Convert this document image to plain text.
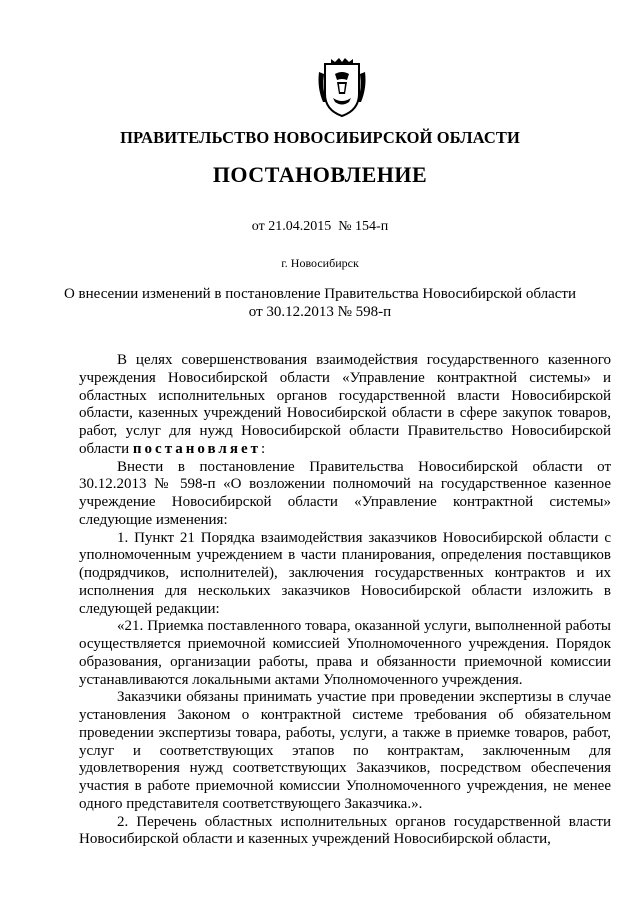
ПРАВИТЕЛЬСТВО НОВОСИБИРСКОЙ ОБЛАСТИ
ПОСТАНОВЛЕНИЕ
от 21.04.2015  № 154-п
г. Новосибирск
О внесении изменений в постановление Правительства Новосибирской области
от 30.12.2013 № 598-п

В целях совершенствования взаимодействия государственного казенного учреждения Новосибирской области «Управление контрактной системы» и областных исполнительных органов государственной власти Новосибирской области, казенных учреждений Новосибирской области в сфере закупок товаров, работ, услуг для нужд Новосибирской области Правительство Новосибирской области постановляет:

Внести в постановление Правительства Новосибирской области от 30.12.2013 № 598-п «О возложении полномочий на государственное казенное учреждение Новосибирской области «Управление контрактной системы» следующие изменения:

1. Пункт 21 Порядка взаимодействия заказчиков Новосибирской области с уполномоченным учреждением в части планирования, определения поставщиков (подрядчиков, исполнителей), заключения государственных контрактов и их исполнения для нескольких заказчиков Новосибирской области изложить в следующей редакции:

«21. Приемка поставленного товара, оказанной услуги, выполненной работы осуществляется приемочной комиссией Уполномоченного учреждения. Порядок образования, организации работы, права и обязанности приемочной комиссии устанавливаются локальными актами Уполномоченного учреждения.

Заказчики обязаны принимать участие при проведении экспертизы в случае установления Законом о контрактной системе требования об обязательном проведении экспертизы товара, работы, услуги, а также в приемке товаров, работ, услуг и соответствующих этапов по контрактам, заключенным для удовлетворения нужд соответствующих Заказчиков, посредством обеспечения участия в работе приемочной комиссии Уполномоченного учреждения, не менее одного представителя соответствующего Заказчика.».

2. Перечень областных исполнительных органов государственной власти Новосибирской области и казенных учреждений Новосибирской области,
